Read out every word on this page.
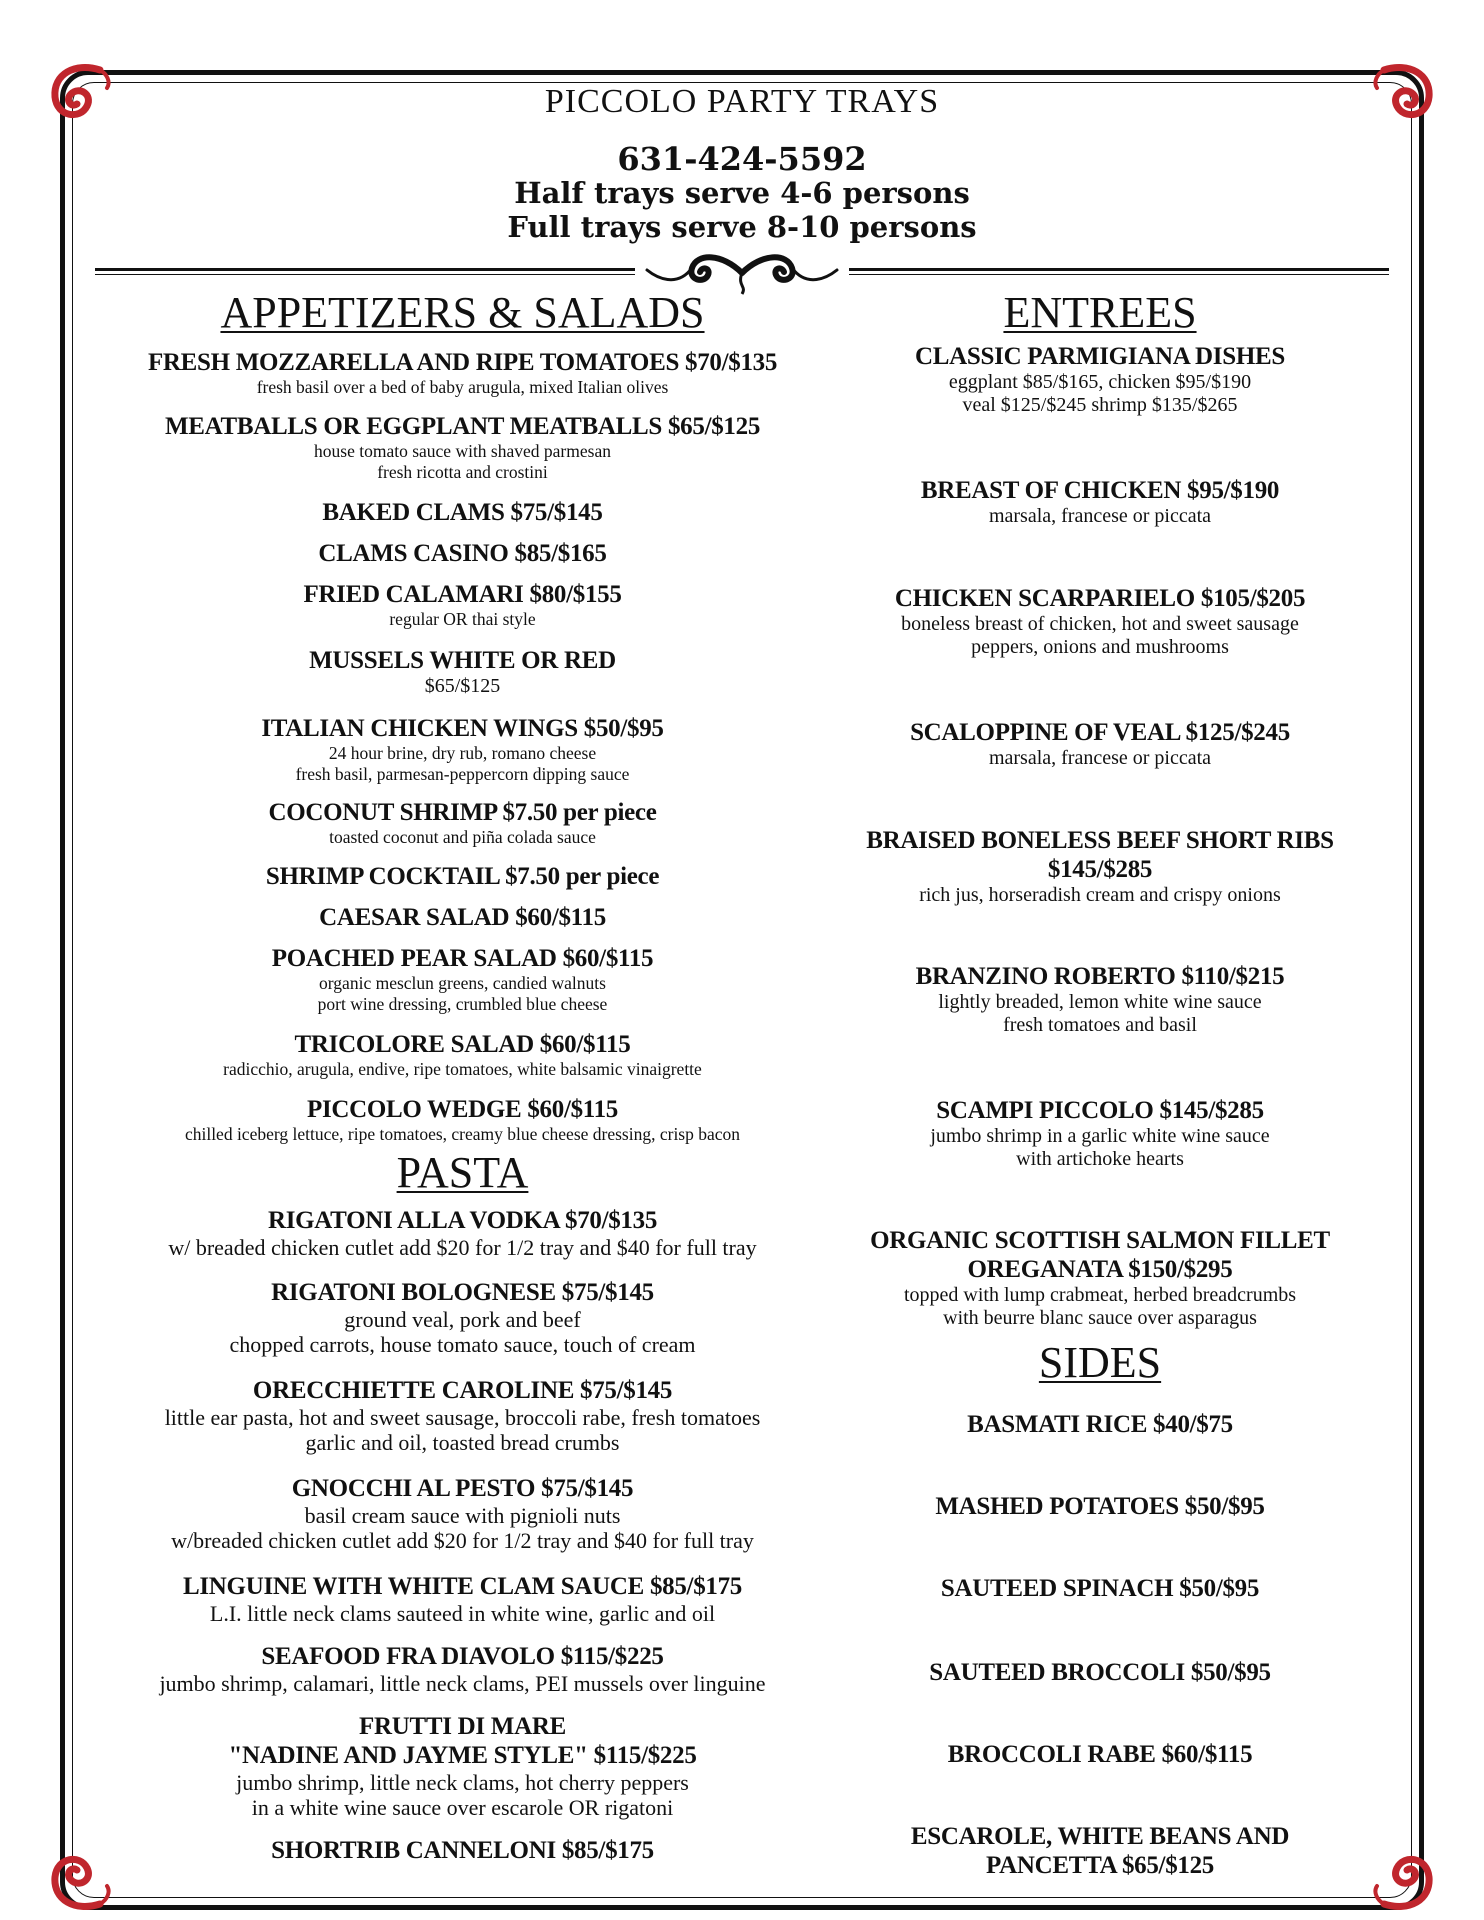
PICCOLO PARTY TRAYS

631-424-5592

Half trays serve 4-6 persons

Full trays serve 8-10 persons

APPETIZERS & SALADS

FRESH MOZZARELLA AND RIPE TOMATOES $70/$135

fresh basil over a bed of baby arugula, mixed Italian olives

MEATBALLS OR EGGPLANT MEATBALLS $65/$125

house tomato sauce with shaved parmesan

fresh ricotta and crostini

BAKED CLAMS $75/$145

CLAMS CASINO $85/$165

FRIED CALAMARI $80/$155

regular OR thai style

MUSSELS WHITE OR RED

$65/$125

ITALIAN CHICKEN WINGS $50/$95

24 hour brine, dry rub, romano cheese

fresh basil, parmesan-peppercorn dipping sauce

COCONUT SHRIMP $7.50 per piece

toasted coconut and piña colada sauce

SHRIMP COCKTAIL $7.50 per piece

CAESAR SALAD $60/$115

POACHED PEAR SALAD $60/$115

organic mesclun greens, candied walnuts

port wine dressing, crumbled blue cheese

TRICOLORE SALAD $60/$115

radicchio, arugula, endive, ripe tomatoes, white balsamic vinaigrette

PICCOLO WEDGE $60/$115

chilled iceberg lettuce, ripe tomatoes, creamy blue cheese dressing, crisp bacon

PASTA

RIGATONI ALLA VODKA $70/$135

w/ breaded chicken cutlet add $20 for 1/2 tray and $40 for full tray

RIGATONI BOLOGNESE $75/$145

ground veal, pork and beef

chopped carrots, house tomato sauce, touch of cream

ORECCHIETTE CAROLINE $75/$145

little ear pasta, hot and sweet sausage, broccoli rabe, fresh tomatoes

garlic and oil, toasted bread crumbs

GNOCCHI AL PESTO $75/$145

basil cream sauce with pignioli nuts

w/breaded chicken cutlet add $20 for 1/2 tray and $40 for full tray

LINGUINE WITH WHITE CLAM SAUCE $85/$175

L.I. little neck clams sauteed in white wine, garlic and oil

SEAFOOD FRA DIAVOLO $115/$225

jumbo shrimp, calamari, little neck clams, PEI mussels over linguine

FRUTTI DI MARE

"NADINE AND JAYME STYLE" $115/$225

jumbo shrimp, little neck clams, hot cherry peppers

in a white wine sauce over escarole OR rigatoni

SHORTRIB CANNELONI $85/$175

ENTREES

CLASSIC PARMIGIANA DISHES

eggplant $85/$165, chicken $95/$190

veal $125/$245 shrimp $135/$265

BREAST OF CHICKEN $95/$190

marsala, francese or piccata

CHICKEN SCARPARIELO $105/$205

boneless breast of chicken, hot and sweet sausage

peppers, onions and mushrooms

SCALOPPINE OF VEAL $125/$245

marsala, francese or piccata

BRAISED BONELESS BEEF SHORT RIBS

$145/$285

rich jus, horseradish cream and crispy onions

BRANZINO ROBERTO $110/$215

lightly breaded, lemon white wine sauce

fresh tomatoes and basil

SCAMPI PICCOLO $145/$285

jumbo shrimp in a garlic white wine sauce

with artichoke hearts

ORGANIC SCOTTISH SALMON FILLET

OREGANATA $150/$295

topped with lump crabmeat, herbed breadcrumbs

with beurre blanc sauce over asparagus

SIDES

BASMATI RICE $40/$75

MASHED POTATOES $50/$95

SAUTEED SPINACH $50/$95

SAUTEED BROCCOLI $50/$95

BROCCOLI RABE $60/$115

ESCAROLE, WHITE BEANS AND

PANCETTA $65/$125
